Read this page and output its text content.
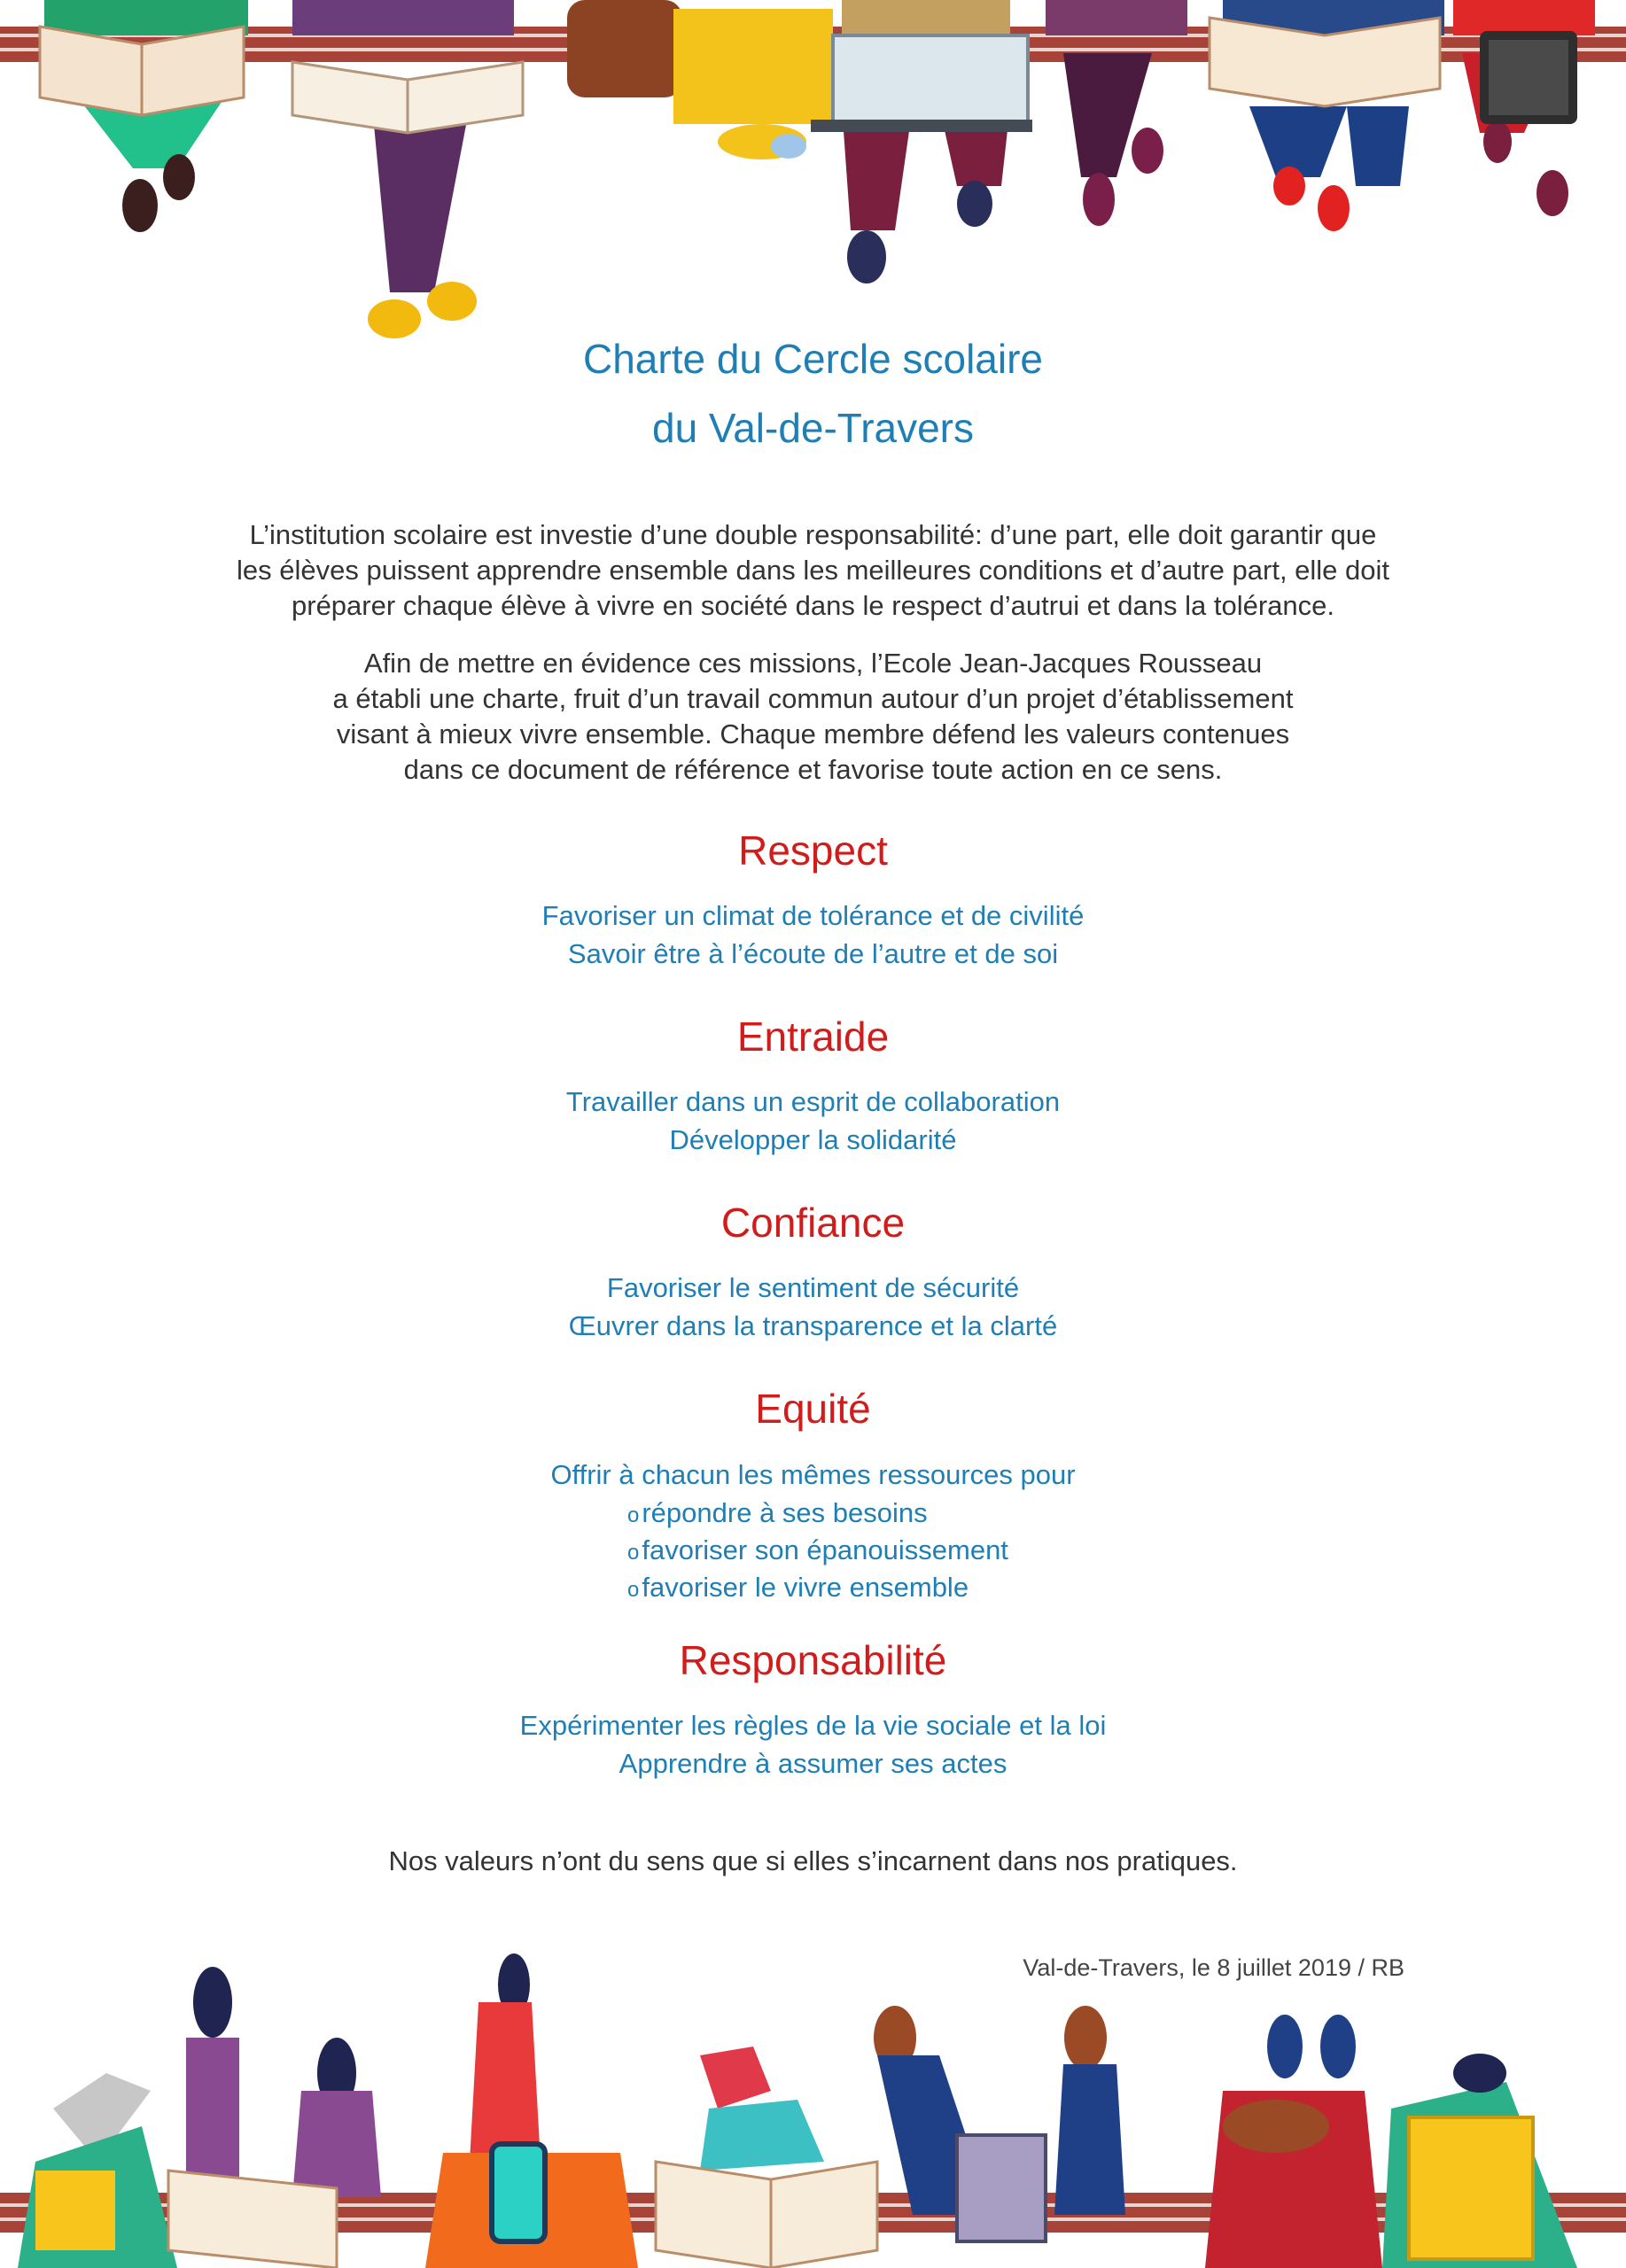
Charte du Cercle scolaire
du Val-de-Travers
L’institution scolaire est investie d’une double responsabilité: d’une part, elle doit garantir que
les élèves puissent apprendre ensemble dans les meilleures conditions et d’autre part, elle doit
préparer chaque élève à vivre en société dans le respect d’autrui et dans la tolérance.
Afin de mettre en évidence ces missions, l’Ecole Jean-Jacques Rousseau
a établi une charte, fruit d’un travail commun autour d’un projet d’établissement
visant à mieux vivre ensemble. Chaque membre défend les valeurs contenues
dans ce document de référence et favorise toute action en ce sens.
Respect
Favoriser un climat de tolérance et de civilité
Savoir être à l’écoute de l’autre et de soi
Entraide
Travailler dans un esprit de collaboration
Développer la solidarité
Confiance
Favoriser le sentiment de sécurité
Œuvrer dans la transparence et la clarté
Equité
Offrir à chacun les mêmes ressources pour
orépondre à ses besoins
ofavoriser son épanouissement
ofavoriser le vivre ensemble
Responsabilité
Expérimenter les règles de la vie sociale et la loi
Apprendre à assumer ses actes
Nos valeurs n’ont du sens que si elles s’incarnent dans nos pratiques.
Val-de-Travers, le 8 juillet 2019 / RB
